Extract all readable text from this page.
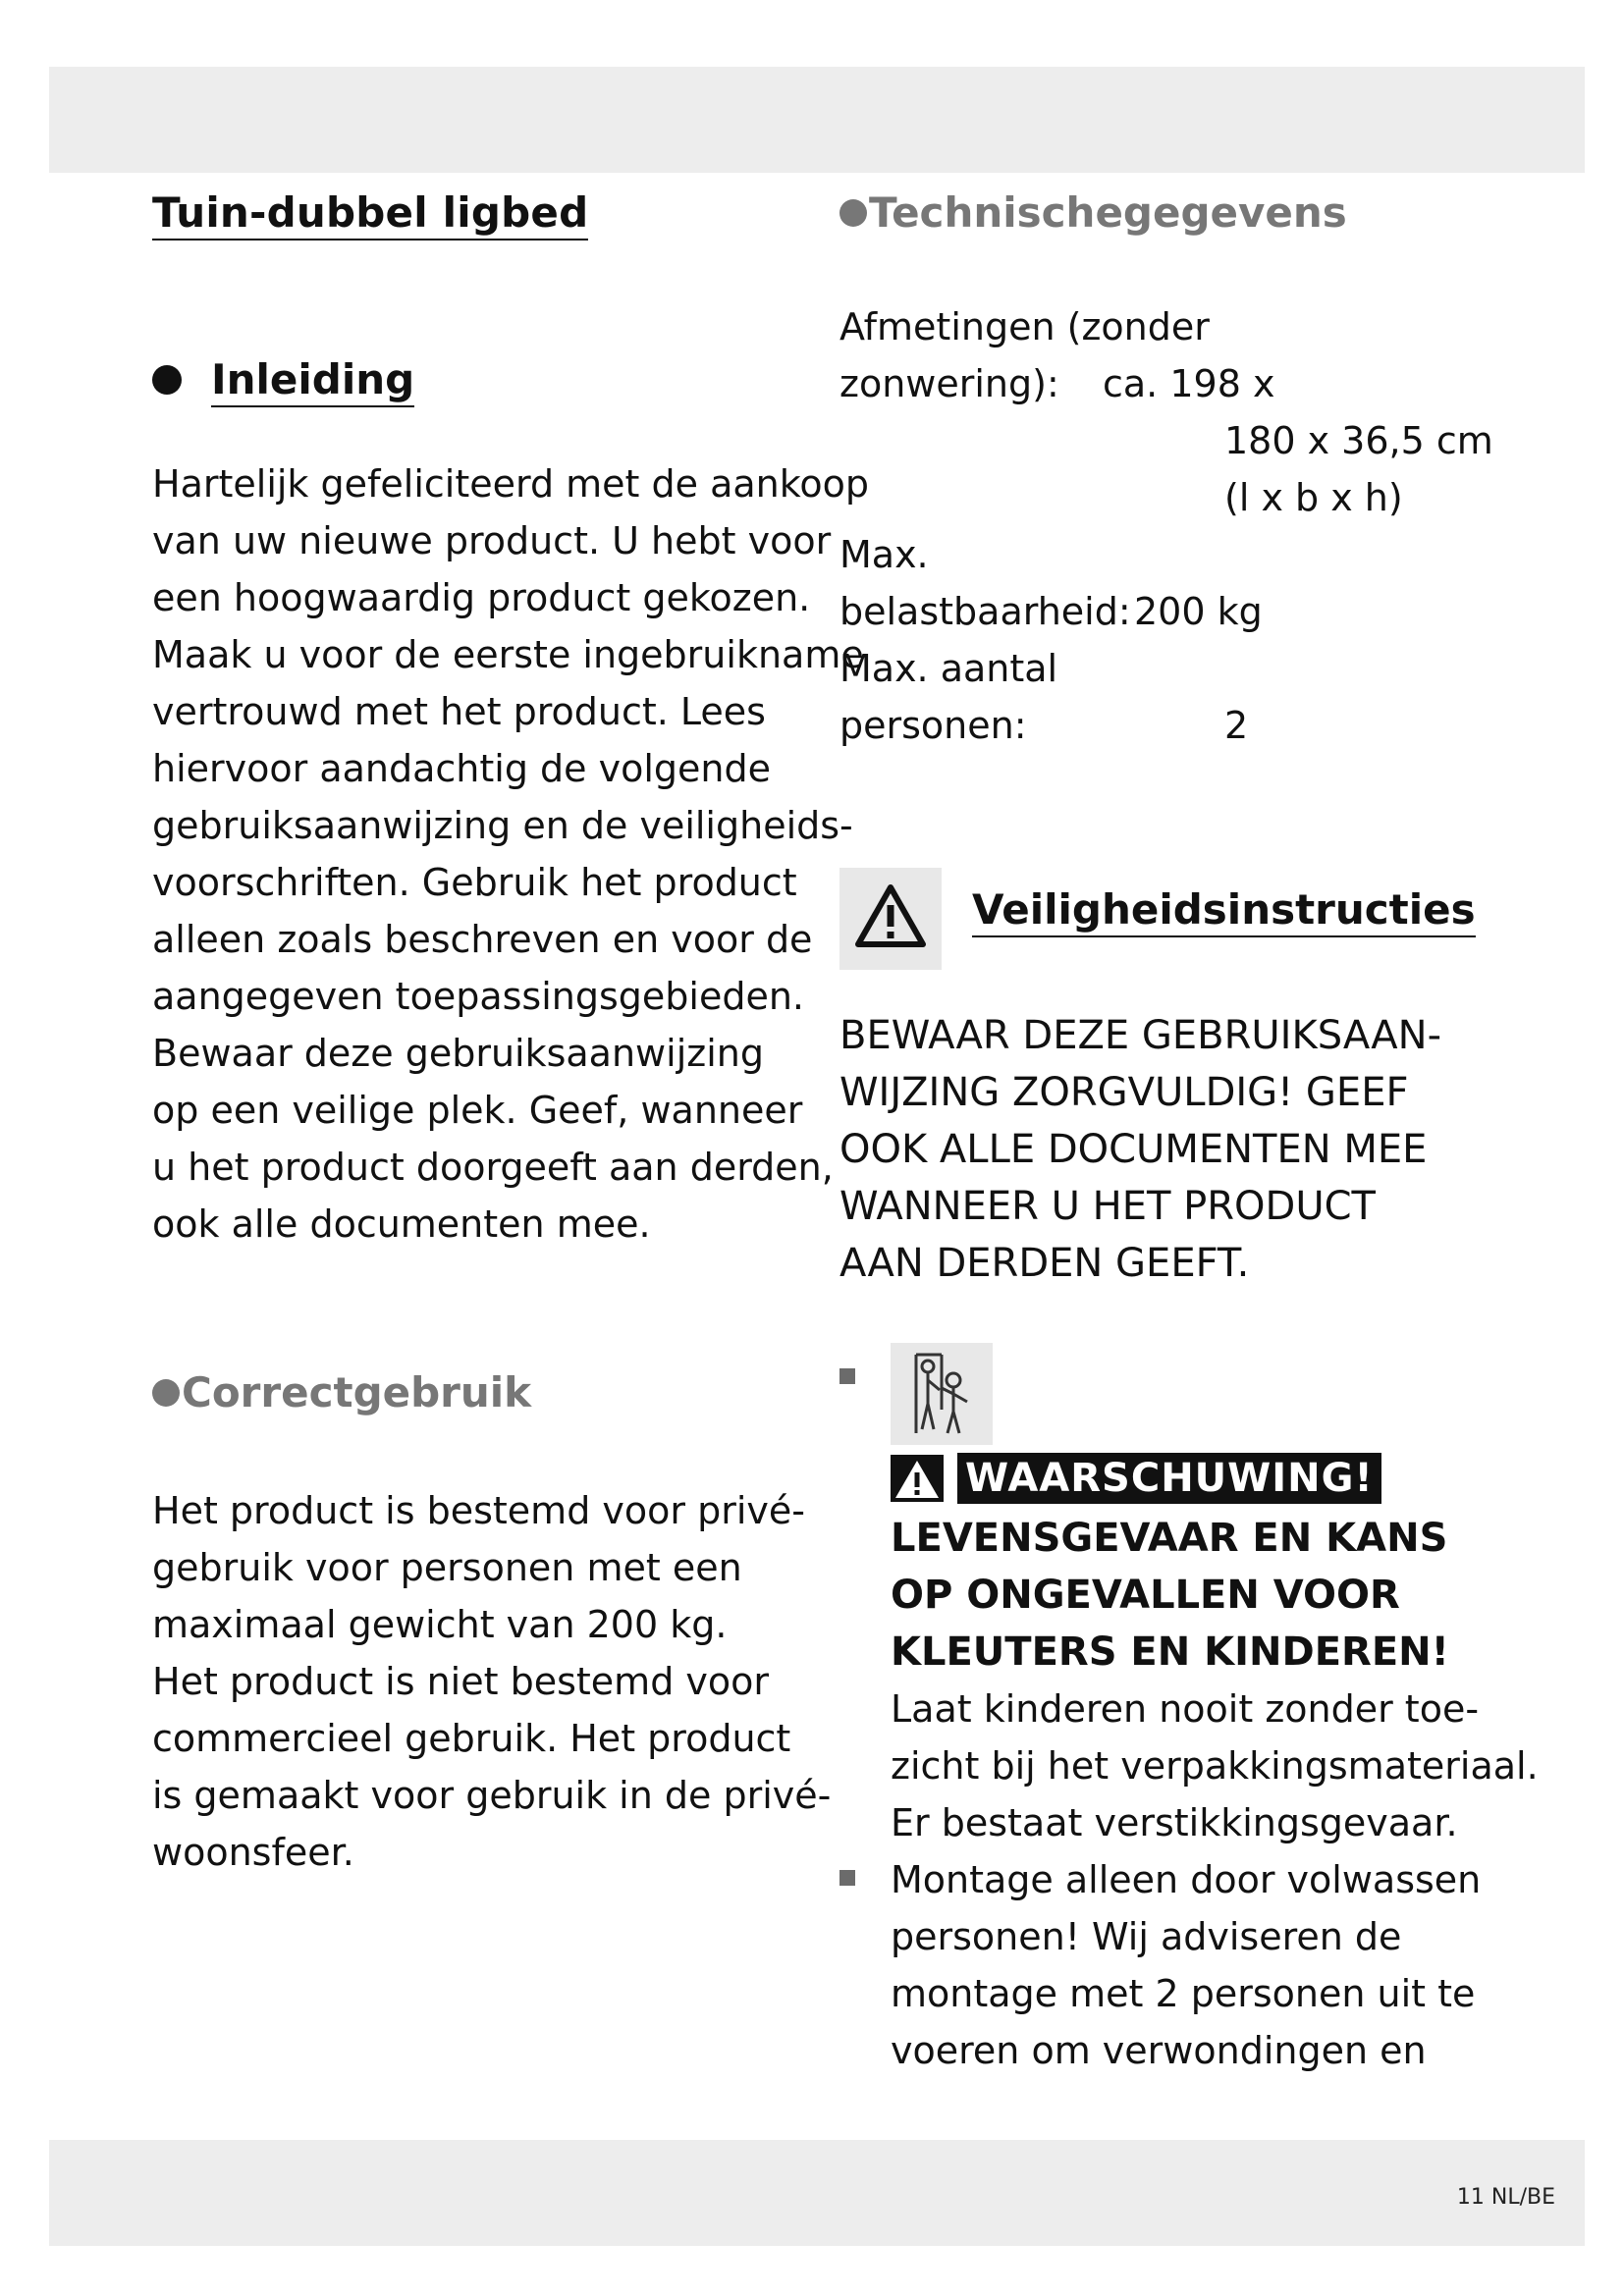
11 NL/BE
Tuin-dubbel ligbed
Inleiding
Hartelijk gefeliciteerd met de aankoop
van uw nieuwe product. U hebt voor
een hoogwaardig product gekozen.
Maak u voor de eerste ingebruikname
vertrouwd met het product. Lees
hiervoor aandachtig de volgende
gebruiksaanwijzing en de veiligheids-
voorschriften. Gebruik het product
alleen zoals beschreven en voor de
aangegeven toepassingsgebieden.
Bewaar deze gebruiksaanwijzing
op een veilige plek. Geef, wanneer
u het product doorgeeft aan derden,
ook alle documenten mee.
Correctgebruik
Het product is bestemd voor privé-
gebruik voor personen met een
maximaal gewicht van 200 kg.
Het product is niet bestemd voor
commercieel gebruik. Het product
is gemaakt voor gebruik in de privé-
woonsfeer.
Technischegegevens
Afmetingen (zonder
zonwering): ca. 198 x
180 x 36,5 cm
(l x b x h)
Max.
belastbaarheid: 200 kg
Max. aantal
personen:	2
Veiligheidsinstructies
BEWAAR DEZE GEBRUIKSAAN-
WIJZING ZORGVULDIG! GEEF
OOK ALLE DOCUMENTEN MEE
WANNEER U HET PRODUCT
AAN DERDEN GEEFT.
WAARSCHUWING!
LEVENSGEVAAR EN KANS
OP ONGEVALLEN VOOR
KLEUTERS EN KINDEREN!
Laat kinderen nooit zonder toe-
zicht bij het verpakkingsmateriaal.
Er bestaat verstikkingsgevaar.
Montage alleen door volwassen
personen! Wij adviseren de
montage met 2 personen uit te
voeren om verwondingen en
